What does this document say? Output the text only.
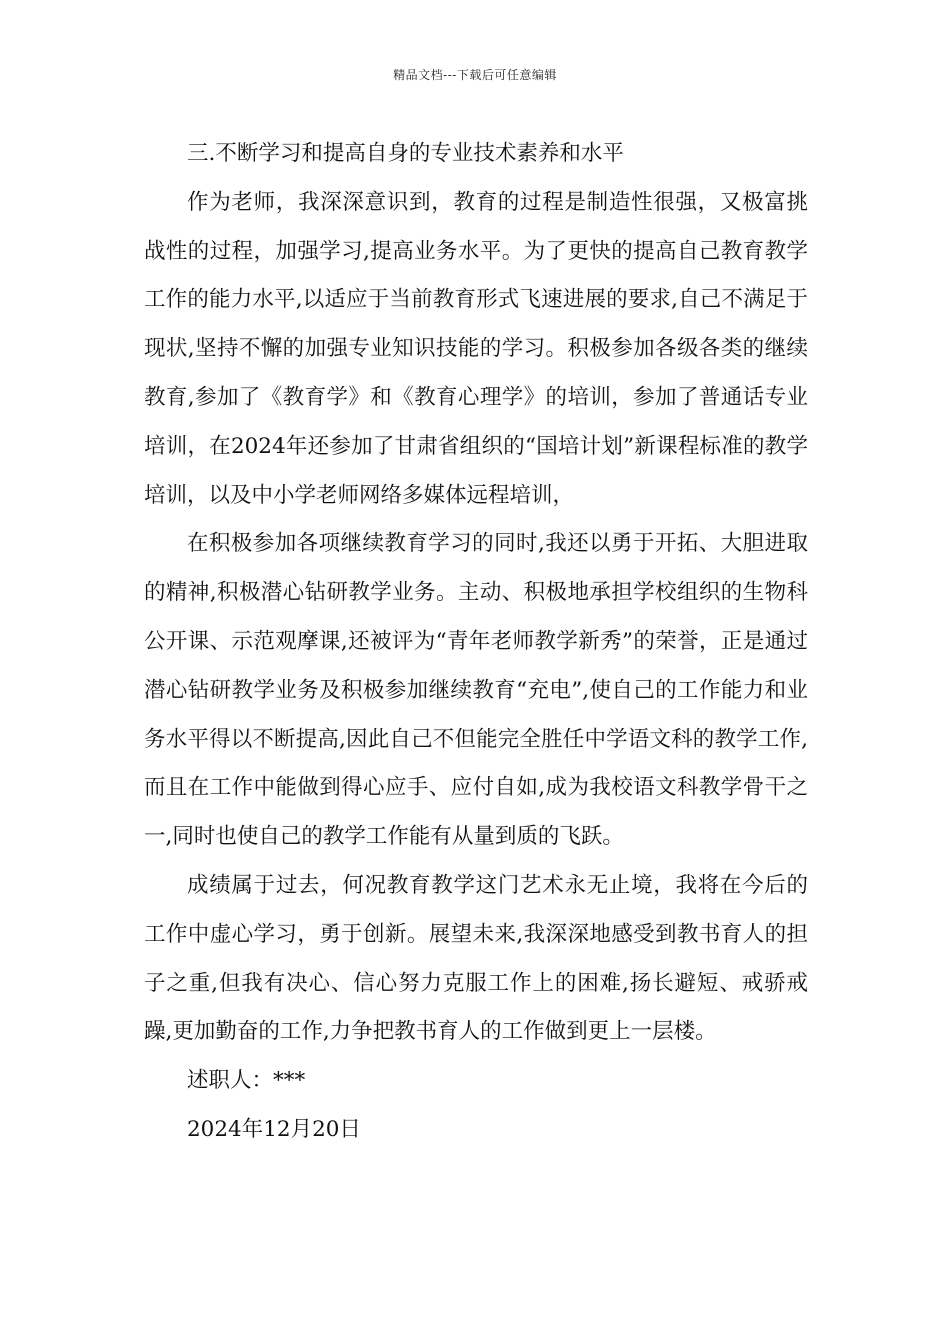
精品文档---下载后可任意编辑

三.不断学习和提高自身的专业技术素养和水平

作为老师，我深深意识到，教育的过程是制造性很强，又极富挑战性的过程，加强学习,提高业务水平。为了更快的提高自己教育教学工作的能力水平,以适应于当前教育形式飞速进展的要求,自己不满足于现状,坚持不懈的加强专业知识技能的学习。积极参加各级各类的继续教育,参加了《教育学》和《教育心理学》的培训，参加了普通话专业培训，在2024年还参加了甘肃省组织的“国培计划”新课程标准的教学培训，以及中小学老师网络多媒体远程培训，

在积极参加各项继续教育学习的同时,我还以勇于开拓、大胆进取的精神,积极潜心钻研教学业务。主动、积极地承担学校组织的生物科公开课、示范观摩课,还被评为“青年老师教学新秀”的荣誉，正是通过潜心钻研教学业务及积极参加继续教育“充电”,使自己的工作能力和业务水平得以不断提高,因此自己不但能完全胜任中学语文科的教学工作,而且在工作中能做到得心应手、应付自如,成为我校语文科教学骨干之一,同时也使自己的教学工作能有从量到质的飞跃。

成绩属于过去，何况教育教学这门艺术永无止境，我将在今后的工作中虚心学习，勇于创新。展望未来,我深深地感受到教书育人的担子之重,但我有决心、信心努力克服工作上的困难,扬长避短、戒骄戒躁,更加勤奋的工作,力争把教书育人的工作做到更上一层楼。

述职人：***

2024年12月20日
